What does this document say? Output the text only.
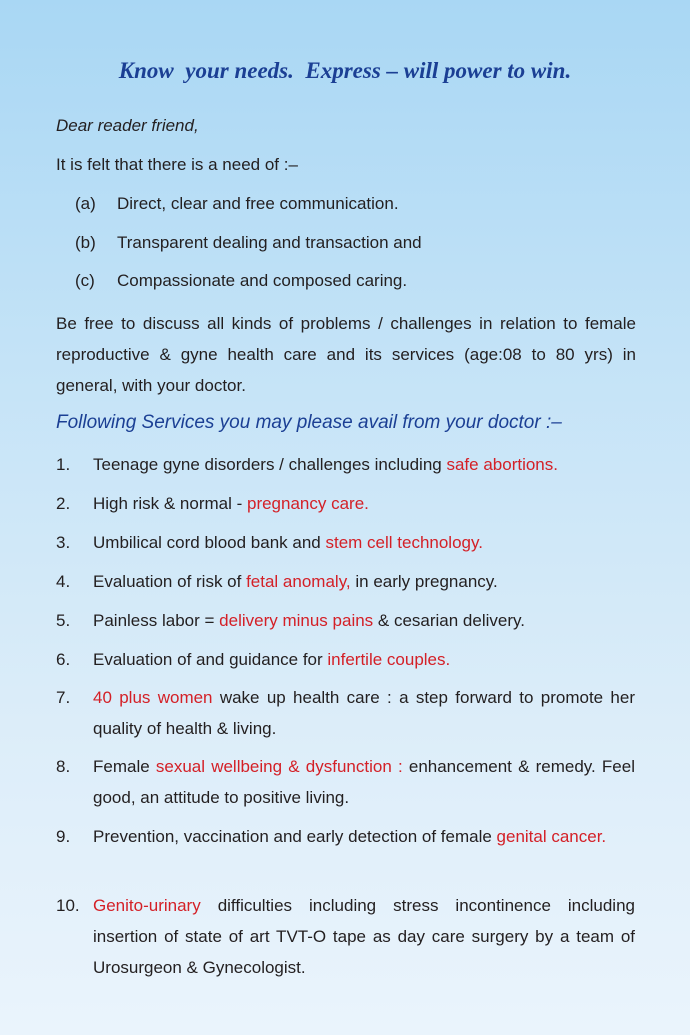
Know  your needs.  Express – will power to win.
Dear reader friend,
It is felt that there is a need of :–
(a) Direct, clear and free communication.
(b) Transparent dealing and transaction and
(c) Compassionate and composed caring.
Be free to discuss all kinds of problems / challenges in relation to female reproductive & gyne health care and its services (age:08 to 80 yrs) in general, with your doctor.
Following Services you may please avail from your doctor :–
1. Teenage gyne disorders / challenges including safe abortions.
2. High risk & normal - pregnancy care.
3. Umbilical cord blood bank and stem cell technology.
4. Evaluation of risk of fetal anomaly, in early pregnancy.
5. Painless labor = delivery minus pains & cesarian delivery.
6. Evaluation of and guidance for infertile couples.
7. 40 plus women wake up health care : a step forward to promote her quality of health & living.
8. Female sexual wellbeing & dysfunction : enhancement & remedy. Feel good, an attitude to positive living.
9. Prevention, vaccination and early detection of female genital cancer.
10. Genito-urinary difficulties including stress incontinence including insertion of state of art TVT-O tape as day care surgery by a team of Urosurgeon & Gynecologist.
